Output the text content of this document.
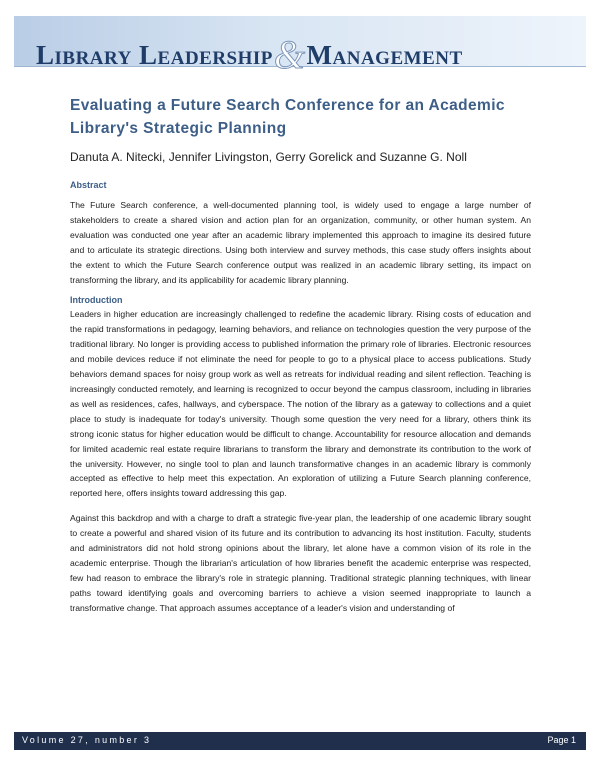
Library Leadership&Management
Evaluating a Future Search Conference for an Academic Library's Strategic Planning
Danuta A. Nitecki, Jennifer Livingston, Gerry Gorelick and Suzanne G. Noll
Abstract

The Future Search conference, a well-documented planning tool, is widely used to engage a large number of stakeholders to create a shared vision and action plan for an organization, community, or other human system. An evaluation was conducted one year after an academic library implemented this approach to imagine its desired future and to articulate its strategic directions. Using both interview and survey methods, this case study offers insights about the extent to which the Future Search conference output was realized in an academic library setting, its impact on transforming the library, and its applicability for academic library planning.

Introduction

Leaders in higher education are increasingly challenged to redefine the academic library. Rising costs of education and the rapid transformations in pedagogy, learning behaviors, and reliance on technologies question the very purpose of the traditional library. No longer is providing access to published information the primary role of libraries. Electronic resources and mobile devices reduce if not eliminate the need for people to go to a physical place to access publications. Study behaviors demand spaces for noisy group work as well as retreats for individual reading and silent reflection. Teaching is increasingly conducted remotely, and learning is recognized to occur beyond the campus classroom, including in libraries as well as residences, cafes, hallways, and cyberspace. The notion of the library as a gateway to collections and a quiet place to study is inadequate for today's university. Though some question the very need for a library, others think its strong iconic status for higher education would be difficult to change. Accountability for resource allocation and demands for limited academic real estate require librarians to transform the library and demonstrate its contribution to the work of the university. However, no single tool to plan and launch transformative changes in an academic library is commonly accepted as effective to help meet this expectation. An exploration of utilizing a Future Search planning conference, reported here, offers insights toward addressing this gap.

Against this backdrop and with a charge to draft a strategic five-year plan, the leadership of one academic library sought to create a powerful and shared vision of its future and its contribution to advancing its host institution. Faculty, students and administrators did not hold strong opinions about the library, let alone have a common vision of its role in the academic enterprise. Though the librarian's articulation of how libraries benefit the academic enterprise was respected, few had reason to embrace the library's role in strategic planning. Traditional strategic planning techniques, with linear paths toward identifying goals and overcoming barriers to achieve a vision seemed inappropriate to launch a transformative change. That approach assumes acceptance of a leader's vision and understanding of

Volume 27, number 3	Page 1
